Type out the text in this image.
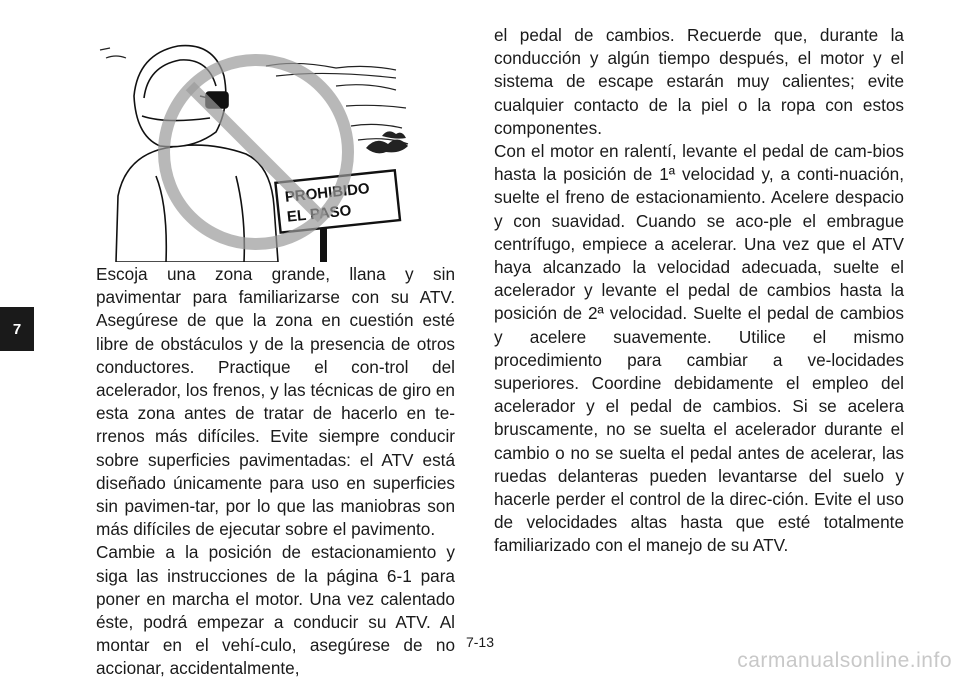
7
PROHIBIDO
EL PASO

Escoja una zona grande, llana y sin pavimentar para familiarizarse con su ATV. Asegúrese de que la zona en cuestión esté libre de obstáculos y de la presencia de otros conductores. Practique el con-trol del acelerador, los frenos, y las técnicas de giro en esta zona antes de tratar de hacerlo en te-rrenos más difíciles. Evite siempre conducir sobre superficies pavimentadas: el ATV está diseñado únicamente para uso en superficies sin pavimen-tar, por lo que las maniobras son más difíciles de ejecutar sobre el pavimento.

Cambie a la posición de estacionamiento y siga las instrucciones de la página 6-1 para poner en marcha el motor. Una vez calentado éste, podrá empezar a conducir su ATV. Al montar en el vehí-culo, asegúrese de no accionar, accidentalmente,

el pedal de cambios. Recuerde que, durante la conducción y algún tiempo después, el motor y el sistema de escape estarán muy calientes; evite cualquier contacto de la piel o la ropa con estos componentes.

Con el motor en ralentí, levante el pedal de cam-bios hasta la posición de 1ª velocidad y, a conti-nuación, suelte el freno de estacionamiento. Acelere despacio y con suavidad. Cuando se aco-ple el embrague centrífugo, empiece a acelerar. Una vez que el ATV haya alcanzado la velocidad adecuada, suelte el acelerador y levante el pedal de cambios hasta la posición de 2ª velocidad. Suelte el pedal de cambios y acelere suavemente. Utilice el mismo procedimiento para cambiar a ve-locidades superiores. Coordine debidamente el empleo del acelerador y el pedal de cambios. Si se acelera bruscamente, no se suelta el acelerador durante el cambio o no se suelta el pedal antes de acelerar, las ruedas delanteras pueden levantarse del suelo y hacerle perder el control de la direc-ción. Evite el uso de velocidades altas hasta que esté totalmente familiarizado con el manejo de su ATV.

7-13
carmanualsonline.info
